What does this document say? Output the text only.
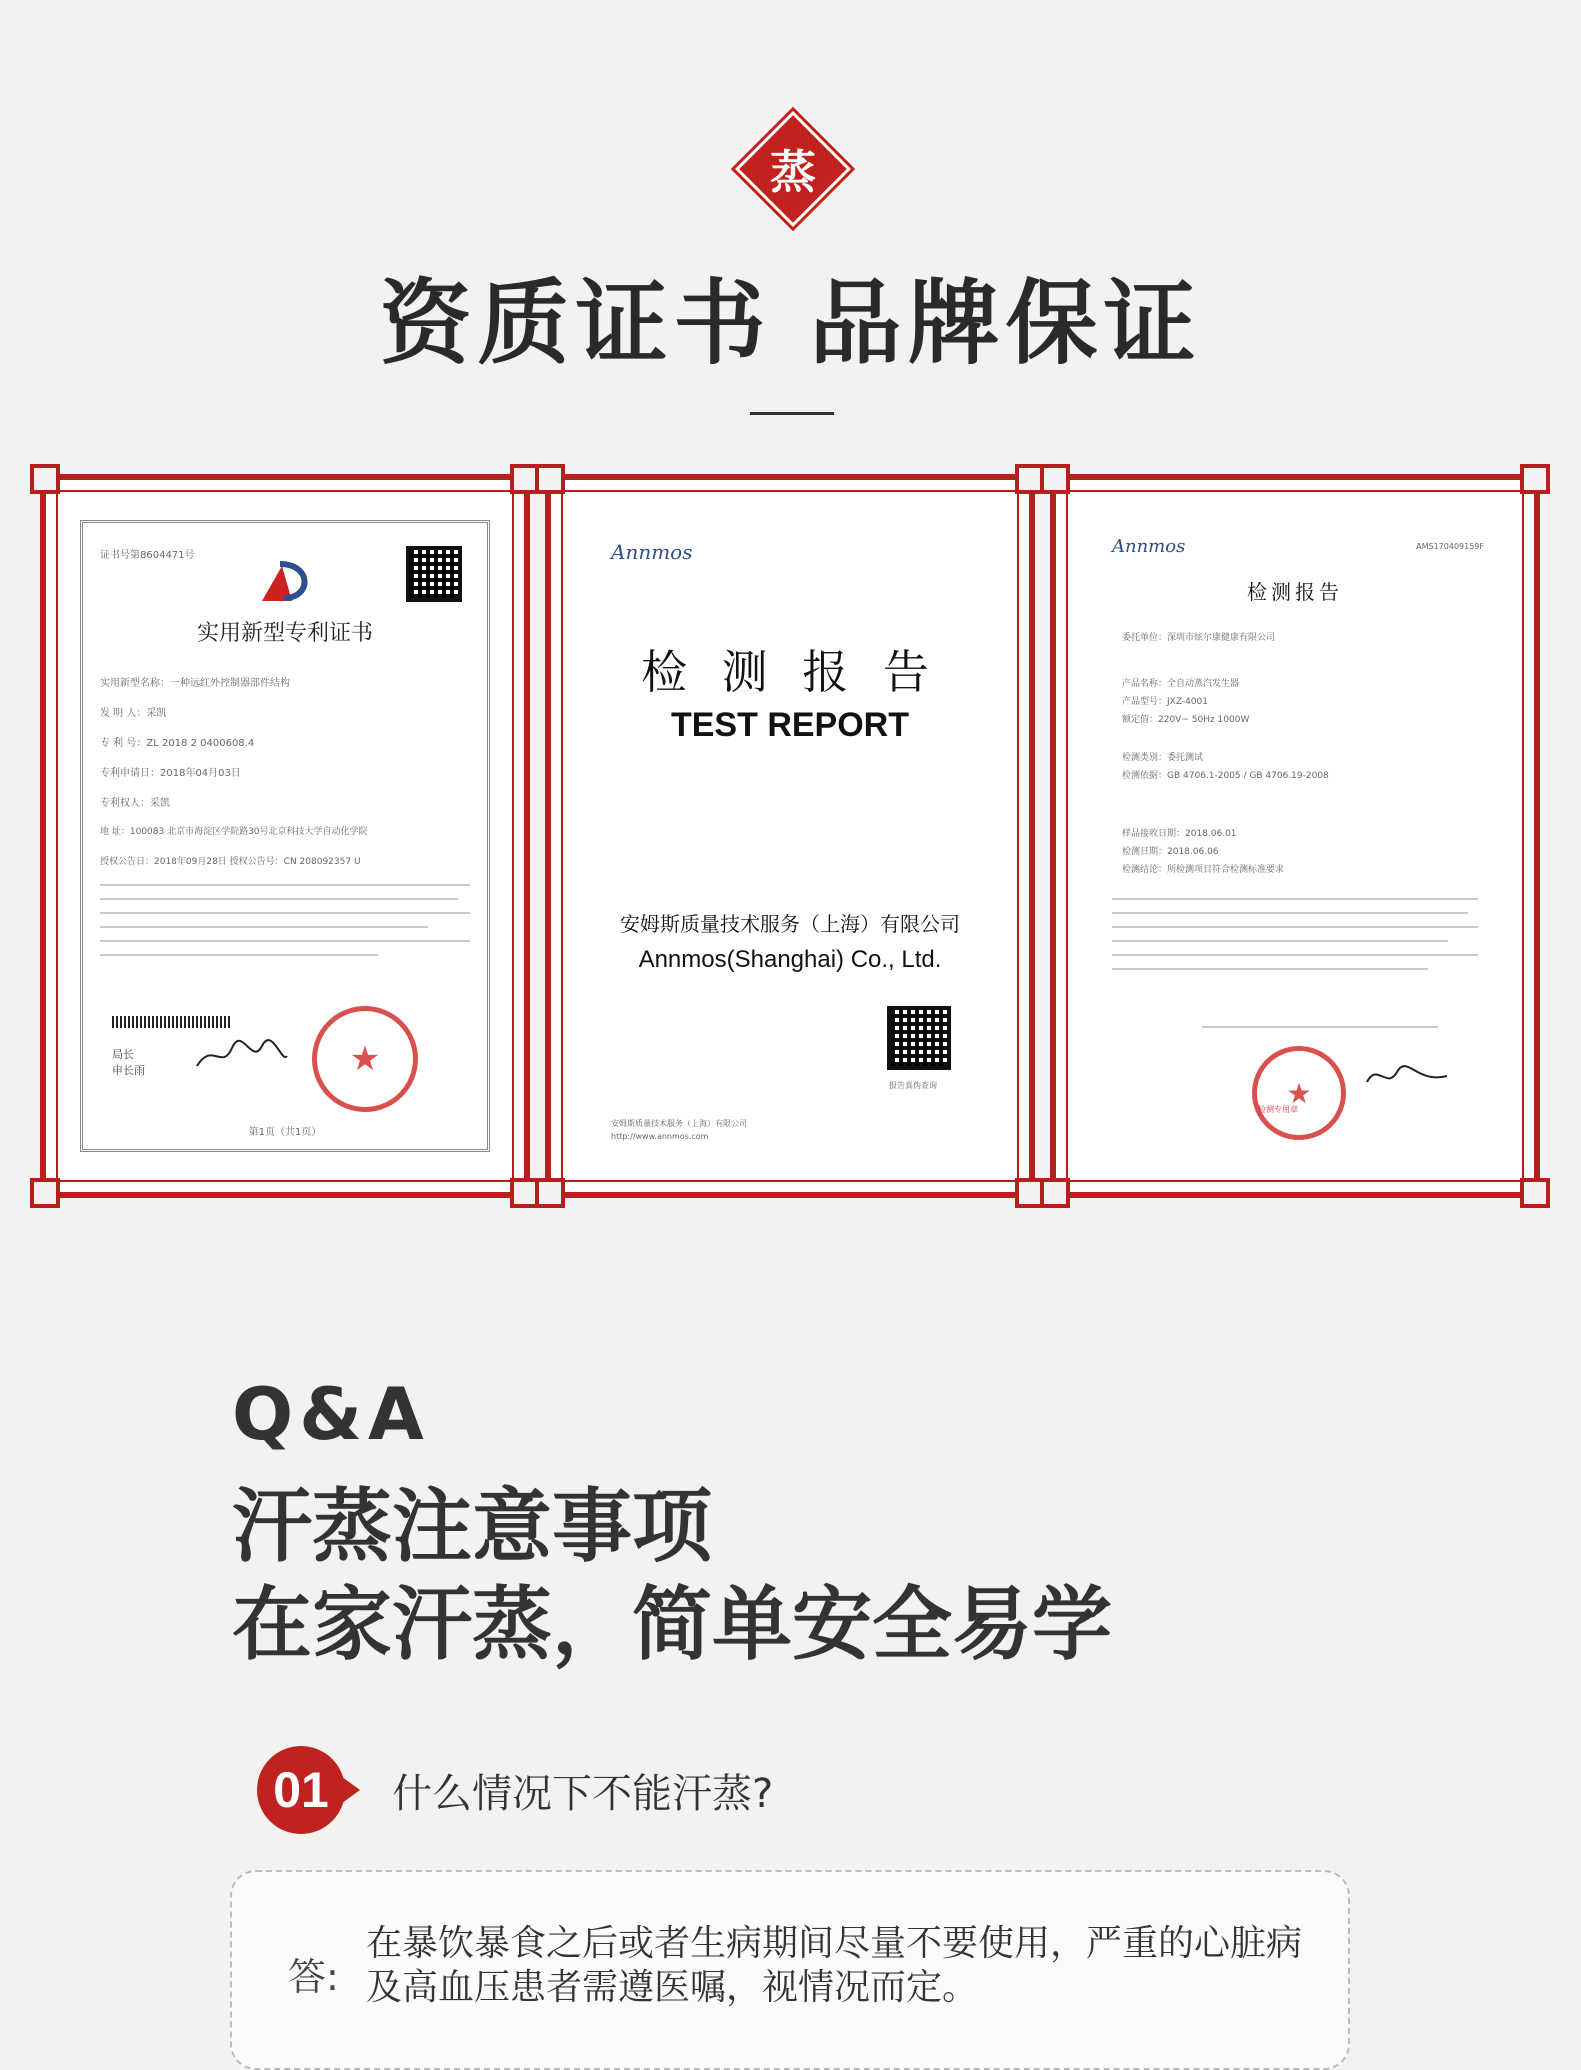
蒸
资质证书 品牌保证
证书号第8604471号
实用新型专利证书
实用新型名称：一种远红外控制器部件结构
发 明 人：采凯
专 利 号：ZL 2018 2 0400608.4
专利申请日：2018年04月03日
专利权人：采凯
地 址：100083 北京市海淀区学院路30号北京科技大学自动化学院
授权公告日：2018年09月28日 授权公告号：CN 208092357 U
局长
申长雨	★
第1页（共1页）
Annmos
检 测 报 告
TEST REPORT
安姆斯质量技术服务（上海）有限公司
Annmos(Shanghai) Co., Ltd.
报告真伪查询
安姆斯质量技术服务（上海）有限公司
http://www.annmos.com
Annmos	AMS170409159F
检测报告
委托单位：深圳市炫尔康健康有限公司
产品名称：全自动蒸汽发生器
产品型号：JXZ-4001
额定值：220V~ 50Hz 1000W
检测类别：委托测试
检测依据：GB 4706.1-2005 / GB 4706.19-2008
样品接收日期：2018.06.01
检测日期：2018.06.06
检测结论：所检测项目符合检测标准要求
★
检测专用章
Q&A
汗蒸注意事项
在家汗蒸，简单安全易学
01	什么情况下不能汗蒸?
答:
在暴饮暴食之后或者生病期间尽量不要使用，严重的心脏病及高血压患者需遵医嘱，视情况而定。
